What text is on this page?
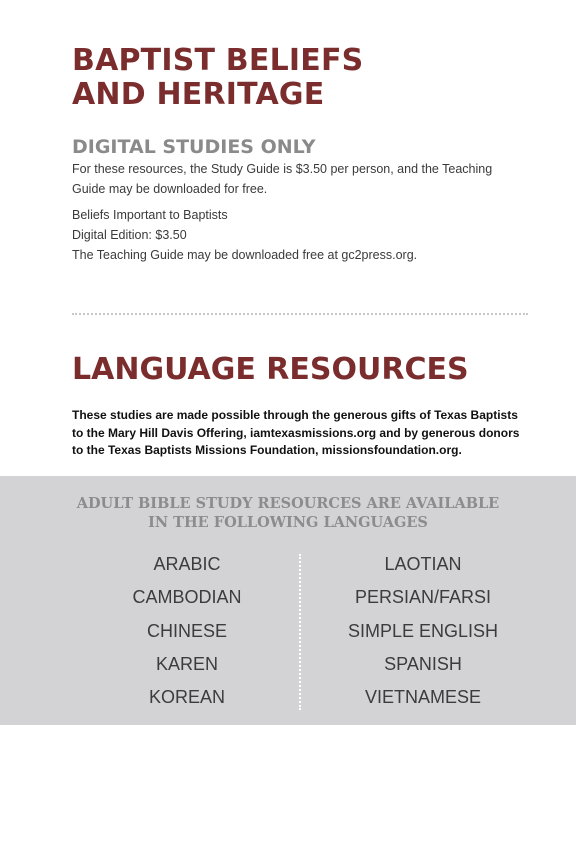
BAPTIST BELIEFS
AND HERITAGE
DIGITAL STUDIES ONLY

For these resources, the Study Guide is $3.50 per person, and the Teaching Guide may be downloaded for free.

Beliefs Important to Baptists

Digital Edition: $3.50

The Teaching Guide may be downloaded free at gc2press.org.

LANGUAGE RESOURCES

These studies are made possible through the generous gifts of Texas Baptists to the Mary Hill Davis Offering, iamtexasmissions.org and by generous donors to the Texas Baptists Missions Foundation, missionsfoundation.org.

ADULT BIBLE STUDY RESOURCES ARE AVAILABLE
IN THE FOLLOWING LANGUAGES
ARABIC
CAMBODIAN
CHINESE
KAREN
KOREAN
LAOTIAN
PERSIAN/FARSI
SIMPLE ENGLISH
SPANISH
VIETNAMESE
